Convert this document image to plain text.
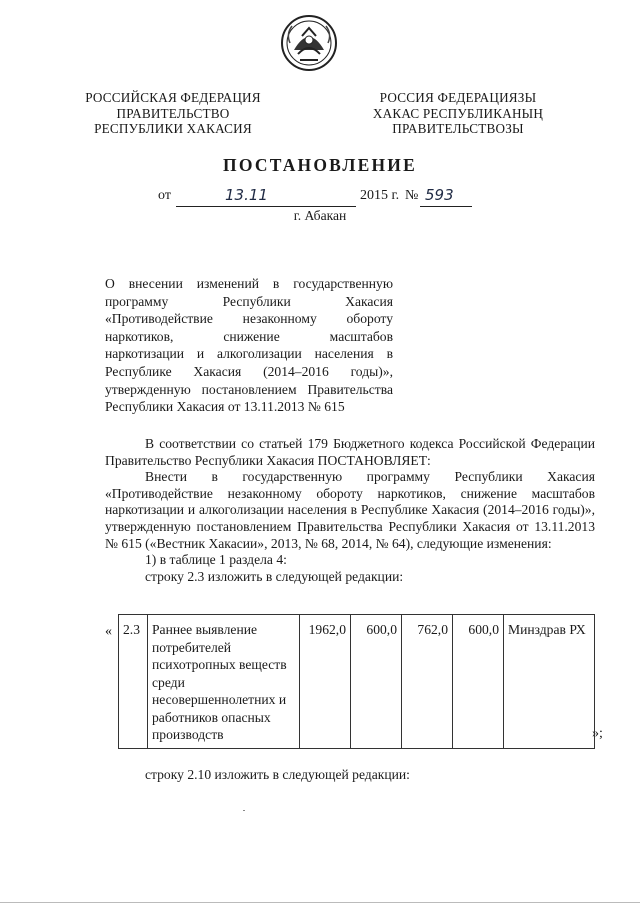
РОССИЙСКАЯ ФЕДЕРАЦИЯ
ПРАВИТЕЛЬСТВО
РЕСПУБЛИКИ ХАКАСИЯ
РОССИЯ ФЕДЕРАЦИЯЗЫ
ХАКАС РЕСПУБЛИКАНЫҢ
ПРАВИТЕЛЬСТВОЗЫ
ПОСТАНОВЛЕНИЕ
от	13.11	2015 г. № 593
г. Абакан
О внесении изменений в государственную
программу Республики Хакасия
«Противодействие незаконному обороту
наркотиков, снижение масштабов
наркотизации и алкоголизации населения в
Республике Хакасия (2014–2016 годы)»,
утвержденную постановлением Правительства
Республики Хакасия от 13.11.2013 № 615

В соответствии со статьей 179 Бюджетного кодекса Российской Федерации Правительство Республики Хакасия ПОСТАНОВЛЯЕТ:

Внести в государственную программу Республики Хакасия «Противодействие незаконному обороту наркотиков, снижение масштабов наркотизации и алкоголизации населения в Республике Хакасия (2014–2016 годы)», утвержденную постановлением Правительства Республики Хакасия от 13.11.2013 № 615 («Вестник Хакасии», 2013, № 68, 2014, № 64), следующие изменения:

1) в таблице 1 раздела 4:

строку 2.3 изложить в следующей редакции:

«
»;
2.3	Раннее выявление потребителей психотропных веществ среди несовершеннолетних и работников опасных производств	1962,0	600,0	762,0	600,0	Минздрав РХ

строку 2.10 изложить в следующей редакции:
